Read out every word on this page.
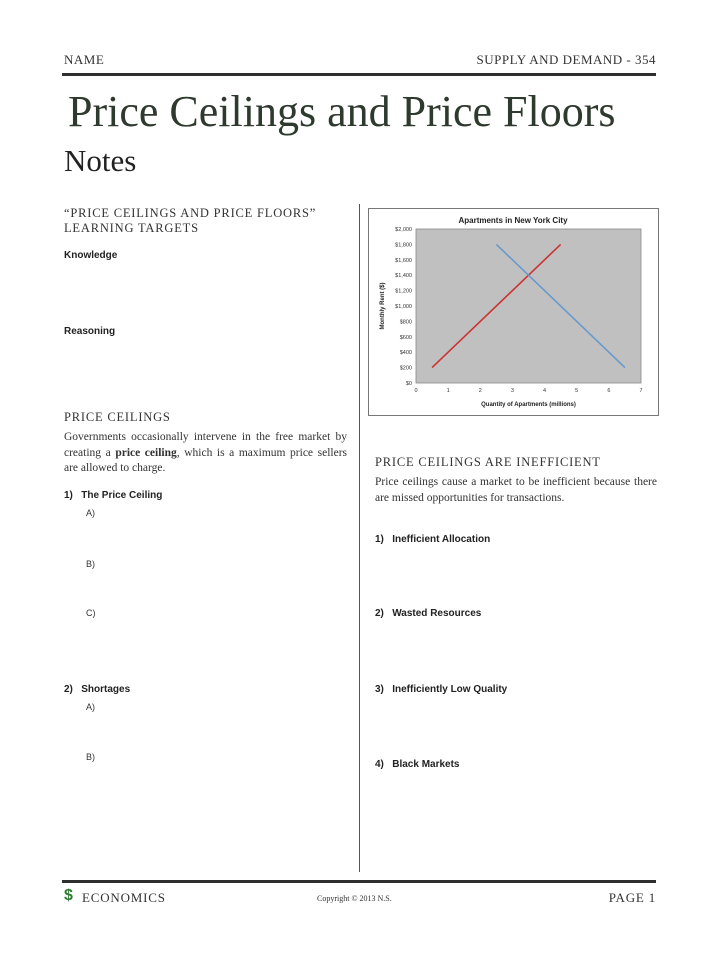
NAME	SUPPLY AND DEMAND - 354
Price Ceilings and Price Floors
Notes
“PRICE CEILINGS AND PRICE FLOORS”
LEARNING TARGETS
Knowledge
Reasoning
PRICE CEILINGS
Governments occasionally intervene in the free market by creating a price ceiling, which is a maximum price sellers are allowed to charge.
1)   The Price Ceiling
A)
B)
C)
2)   Shortages
A)
B)
Apartments in New York City
$0
$200
$400
$600
$800
$1,000
$1,200
$1,400
$1,600
$1,800
$2,000
0	1	2	3	4	5	6	7
Quantity of Apartments (millions)
Monthly Rent ($)
PRICE CEILINGS ARE INEFFICIENT
Price ceilings cause a market to be inefficient because there are missed opportunities for transactions.
1)   Inefficient Allocation
2)   Wasted Resources
3)   Inefficiently Low Quality
4)   Black Markets
$ ECONOMICS	Copyright © 2013 N.S.	PAGE 1
